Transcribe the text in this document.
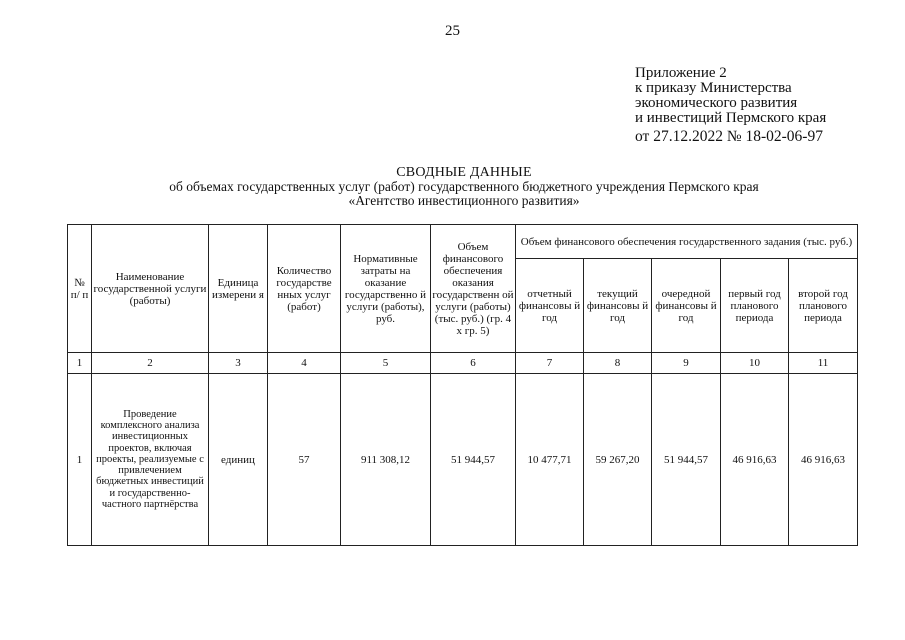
25
Приложение 2
к приказу Министерства
экономического развития
и инвестиций Пермского края
от 27.12.2022 № 18-02-06-97
СВОДНЫЕ ДАННЫЕ
об объемах государственных услуг (работ) государственного бюджетного учреждения Пермского края
«Агентство инвестиционного развития»
№ п/ п	Наименование государственной услуги (работы)	Единица измерени я	Количество государстве нных услуг (работ)	Нормативные затраты на оказание государственно й услуги (работы), руб.	Объем финансового обеспечения оказания государственн ой услуги (работы) (тыс. руб.) (гр. 4 х гр. 5)	Объем финансового обеспечения государственного задания (тыс. руб.)				
						отчетный финансовы й год	текущий финансовы й год	очередной финансовы й год	первый год планового периода	второй год планового периода
1	2	3	4	5	6	7	8	9	10	11
1	Проведение комплексного анализа инвестиционных проектов, включая проекты, реализуемые с привлечением бюджетных инвестиций и государственно-частного партнёрства	единиц	57	911 308,12	51 944,57	10 477,71	59 267,20	51 944,57	46 916,63	46 916,63
